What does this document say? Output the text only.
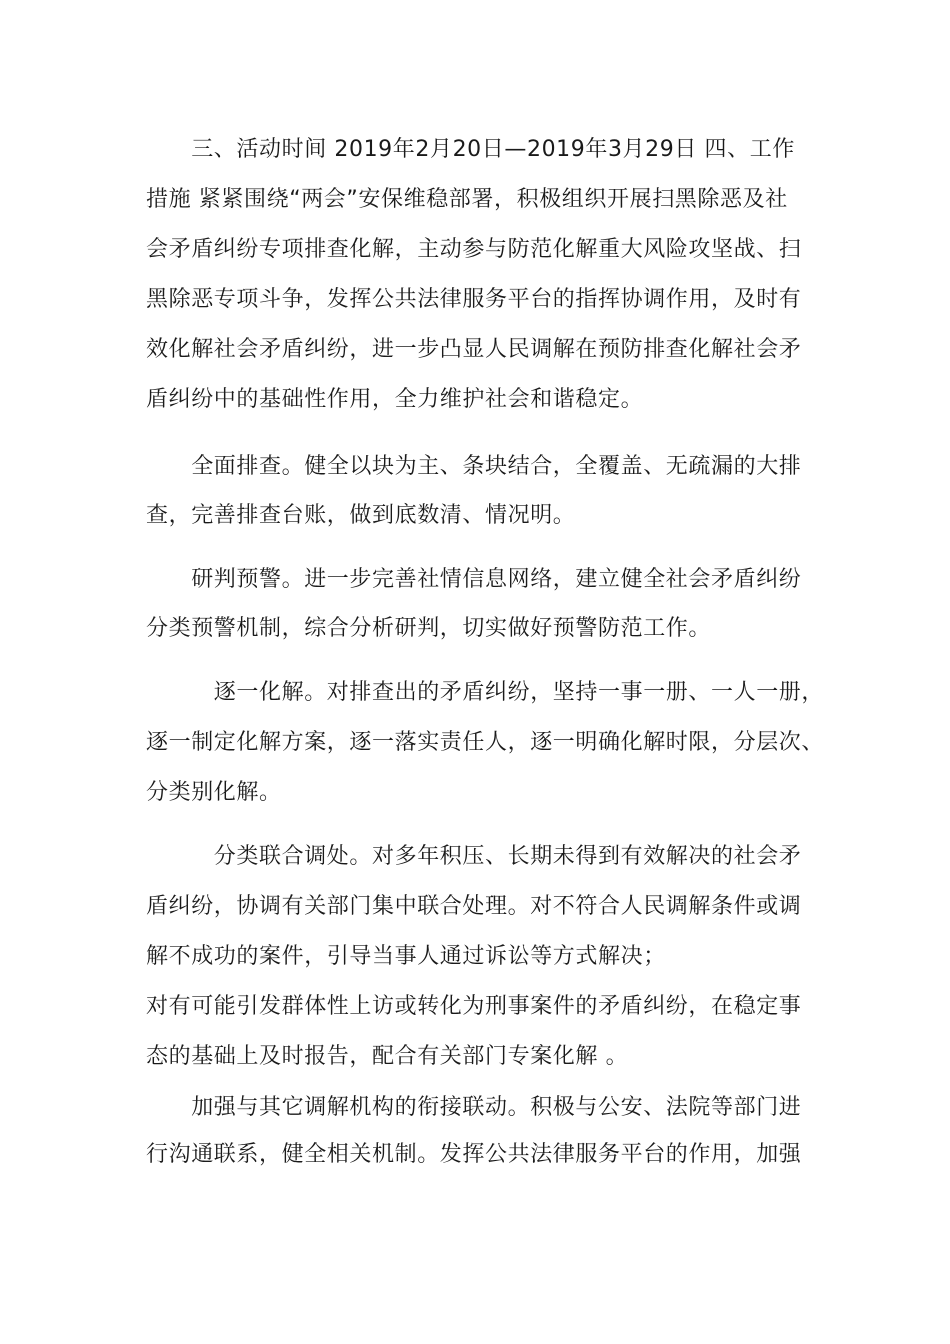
　　三、活动时间 2019年2月20日—2019年3月29日 四、工作
措施 紧紧围绕“两会”安保维稳部署，积极组织开展扫黑除恶及社
会矛盾纠纷专项排查化解，主动参与防范化解重大风险攻坚战、扫
黑除恶专项斗争，发挥公共法律服务平台的指挥协调作用，及时有
效化解社会矛盾纠纷，进一步凸显人民调解在预防排查化解社会矛
盾纠纷中的基础性作用，全力维护社会和谐稳定。
　　全面排查。健全以块为主、条块结合，全覆盖、无疏漏的大排
查，完善排查台账，做到底数清、情况明。
　　研判预警。进一步完善社情信息网络，建立健全社会矛盾纠纷
分类预警机制，综合分析研判，切实做好预警防范工作。
　　　逐一化解。对排查出的矛盾纠纷，坚持一事一册、一人一册，
逐一制定化解方案，逐一落实责任人，逐一明确化解时限，分层次、
分类别化解。
　　　分类联合调处。对多年积压、长期未得到有效解决的社会矛
盾纠纷，协调有关部门集中联合处理。对不符合人民调解条件或调
解不成功的案件，引导当事人通过诉讼等方式解决；
对有可能引发群体性上访或转化为刑事案件的矛盾纠纷，在稳定事
态的基础上及时报告，配合有关部门专案化解 。
　　加强与其它调解机构的衔接联动。积极与公安、法院等部门进
行沟通联系，健全相关机制。发挥公共法律服务平台的作用，加强
